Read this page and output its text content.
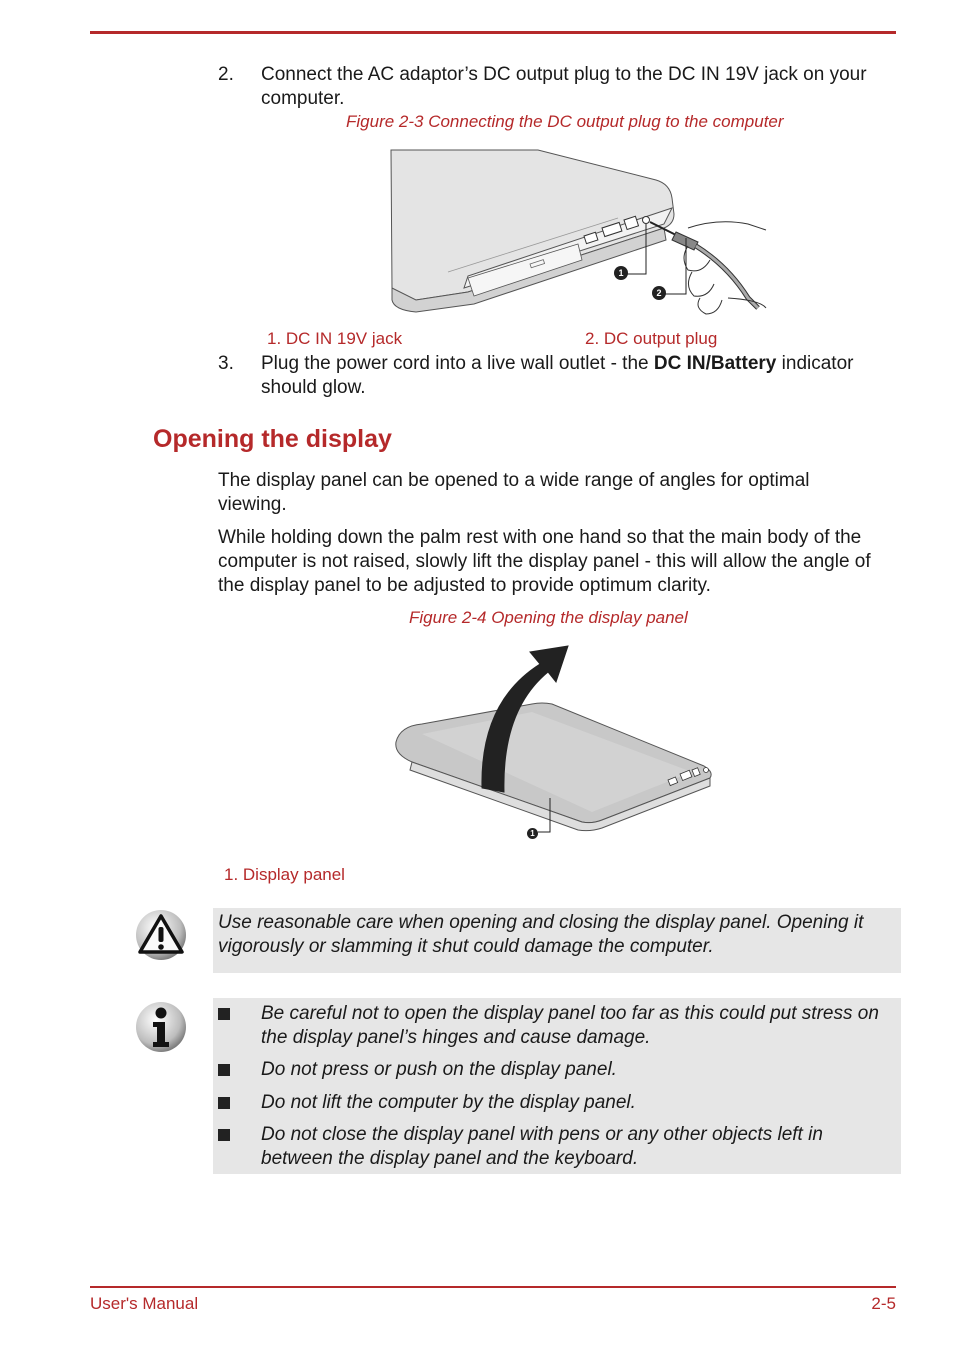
2. Connect the AC adaptor’s DC output plug to the DC IN 19V jack on your computer.
Figure 2-3 Connecting the DC output plug to the computer
1
2
1. DC IN 19V jack	2. DC output plug
3. Plug the power cord into a live wall outlet - the DC IN/Battery indicator should glow.
Opening the display
The display panel can be opened to a wide range of angles for optimal viewing.
While holding down the palm rest with one hand so that the main body of the computer is not raised, slowly lift the display panel - this will allow the angle of the display panel to be adjusted to provide optimum clarity.
Figure 2-4 Opening the display panel
1
1. Display panel
Use reasonable care when opening and closing the display panel. Opening it vigorously or slamming it shut could damage the computer.
Be careful not to open the display panel too far as this could put stress on the display panel’s hinges and cause damage.
Do not press or push on the display panel.
Do not lift the computer by the display panel.
Do not close the display panel with pens or any other objects left in between the display panel and the keyboard.
User's Manual	2-5
